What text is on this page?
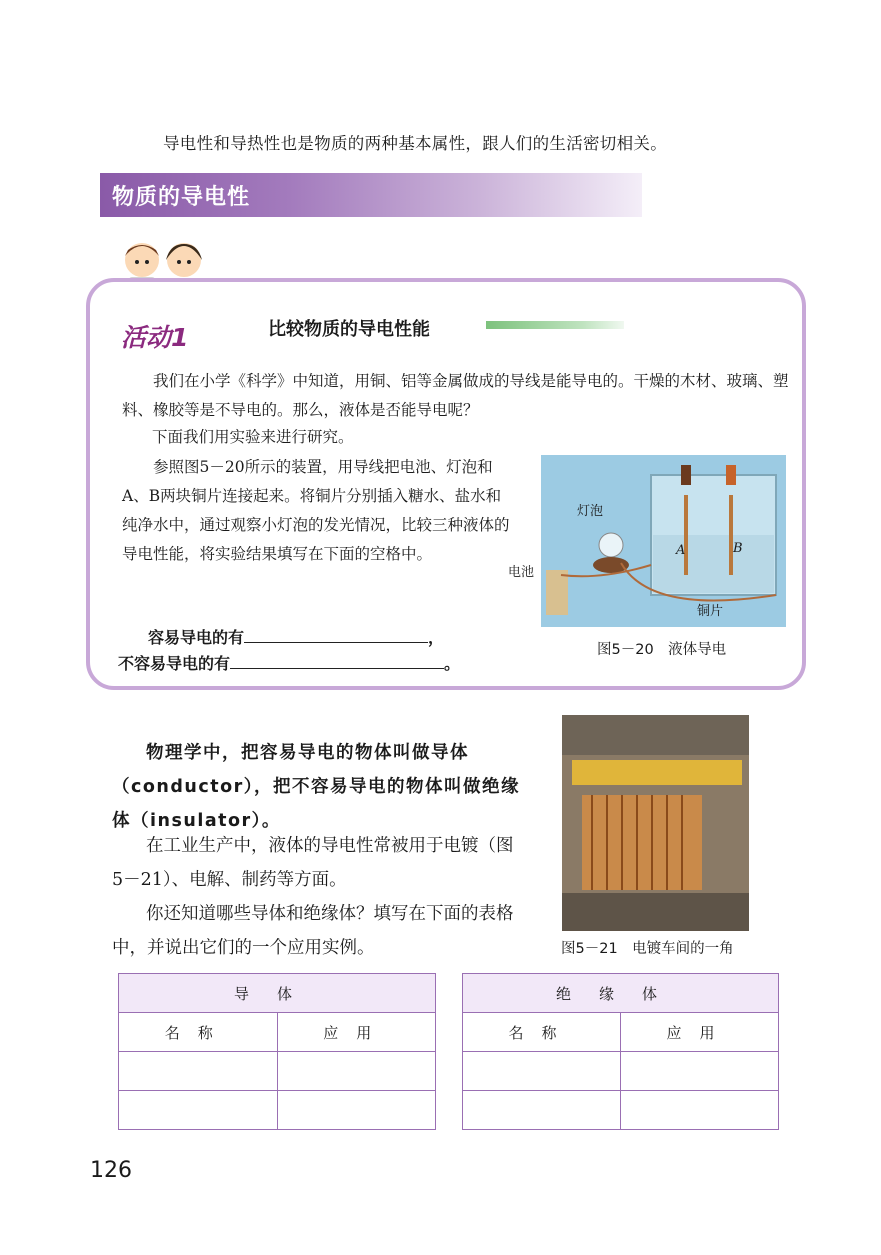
导电性和导热性也是物质的两种基本属性，跟人们的生活密切相关。
物质的导电性
活动1	比较物质的导电性能
我们在小学《科学》中知道，用铜、铝等金属做成的导线是能导电的。干燥的木材、玻璃、塑料、橡胶等是不导电的。那么，液体是否能导电呢？
下面我们用实验来进行研究。
参照图5－20所示的装置，用导线把电池、灯泡和A、B两块铜片连接起来。将铜片分别插入糖水、盐水和纯净水中，通过观察小灯泡的发光情况，比较三种液体的导电性能，将实验结果填写在下面的空格中。
容易导电的有	，
不容易导电的有	。
灯泡
电池
A	B
铜片
图5－20　液体导电
物理学中，把容易导电的物体叫做导体（conductor），把不容易导电的物体叫做绝缘体（insulator）。
在工业生产中，液体的导电性常被用于电镀（图5－21）、电解、制药等方面。
你还知道哪些导体和绝缘体？填写在下面的表格中，并说出它们的一个应用实例。	图5－21　电镀车间的一角
导体	
名称	应用

绝缘体	
名称	应用

126
